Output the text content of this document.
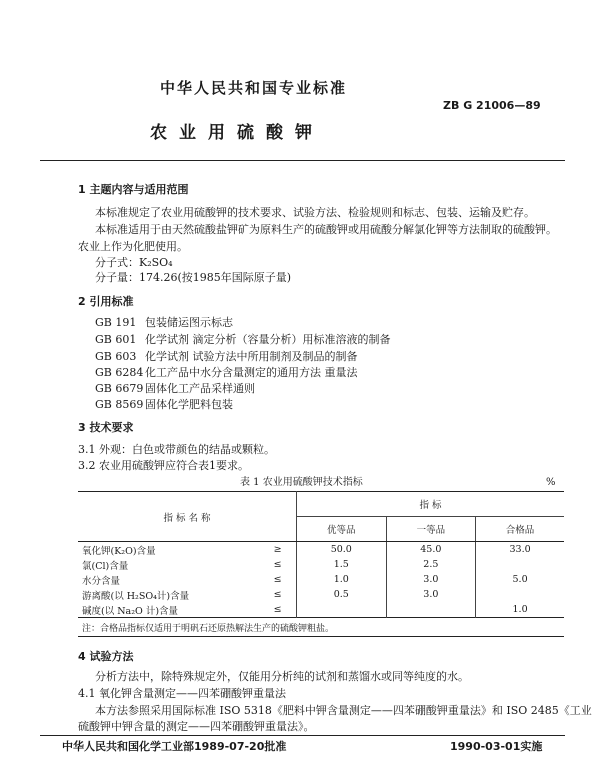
中华人民共和国专业标准
ZB G 21006—89
农业用硫酸钾
1 主题内容与适用范围
本标准规定了农业用硫酸钾的技术要求、试验方法、检验规则和标志、包装、运输及贮存。
本标准适用于由天然硫酸盐钾矿为原料生产的硫酸钾或用硫酸分解氯化钾等方法制取的硫酸钾。
农业上作为化肥使用。
分子式：K₂SO₄
分子量：174.26(按1985年国际原子量)
2 引用标准
GB 191 包装储运图示标志
GB 601 化学试剂 滴定分析（容量分析）用标准溶液的制备
GB 603 化学试剂 试验方法中所用制剂及制品的制备
GB 6284 化工产品中水分含量测定的通用方法 重量法
GB 6679 固体化工产品采样通则
GB 8569 固体化学肥料包装
3 技术要求
3.1 外观：白色或带颜色的结晶或颗粒。
3.2 农业用硫酸钾应符合表1要求。
表 1 农业用硫酸钾技术指标	%
指 标 名 称		指 标		
		优等品	一等品	合格品
氧化钾(K₂O)含量	≥	50.0	45.0	33.0
氯(Cl)含量	≤	1.5	2.5	
水分含量	≤	1.0	3.0	5.0
游离酸(以 H₂SO₄计)含量	≤	0.5	3.0	
碱度(以 Na₂O 计)含量	≤			1.0
注：合格品指标仅适用于明矾石还原热解法生产的硫酸钾粗盐。				
4 试验方法
分析方法中，除特殊规定外，仅能用分析纯的试剂和蒸馏水或同等纯度的水。
4.1 氧化钾含量测定——四苯硼酸钾重量法
本方法参照采用国际标准 ISO 5318《肥料中钾含量测定——四苯硼酸钾重量法》和 ISO 2485《工业
硫酸钾中钾含量的测定——四苯硼酸钾重量法》。
中华人民共和国化学工业部1989-07-20批准	1990-03-01实施
